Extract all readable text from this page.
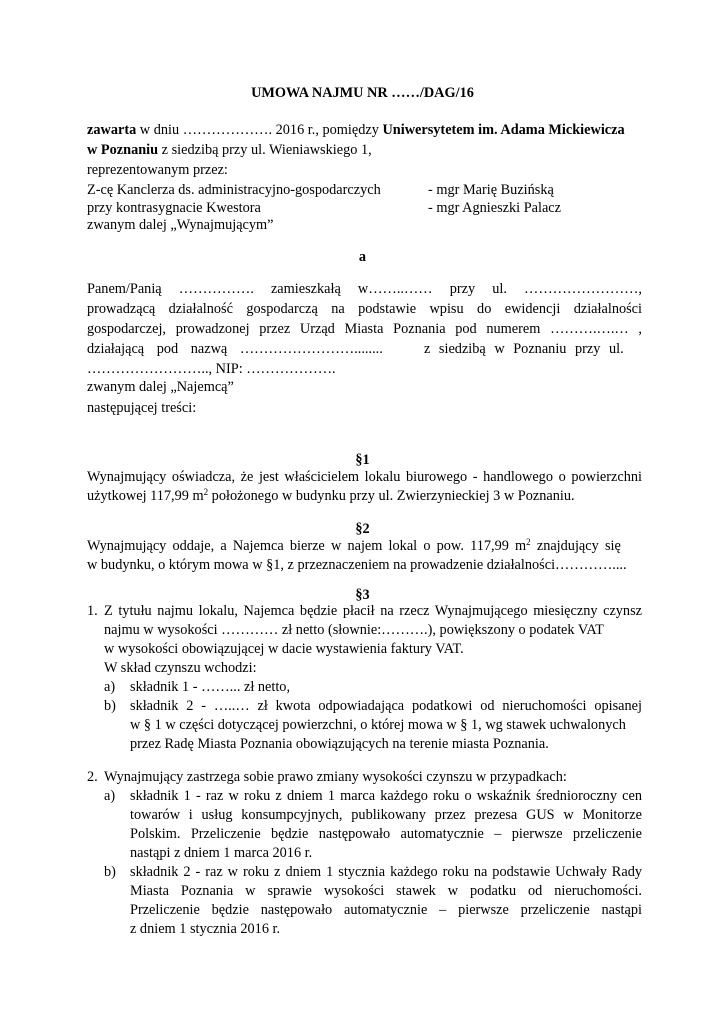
UMOWA NAJMU NR ……/DAG/16
zawarta w dniu ………………. 2016 r., pomiędzy Uniwersytetem im. Adama Mickiewicza
w Poznaniu z siedzibą przy ul. Wieniawskiego 1,
reprezentowanym przez:
Z-cę Kanclerza ds. administracyjno-gospodarczych	- mgr Marię Buzińską
przy kontrasygnacie Kwestora	- mgr Agnieszki Palacz
zwanym dalej „Wynajmującym”
a
Panem/Panią ……………. zamieszkałą w……..…… przy ul. ……………………,
prowadzącą działalność gospodarczą na podstawie wpisu do ewidencji działalności
gospodarczej, prowadzonej przez Urząd Miasta Poznania pod numerem ……….….… ,
działającą pod nazwą ……………………........	z siedzibą w Poznaniu przy ul.
…………………….., NIP: ……………….
zwanym dalej „Najemcą”
następującej treści:
§1
Wynajmujący oświadcza, że jest właścicielem lokalu biurowego - handlowego o powierzchni
użytkowej 117,99 $m^2$ położonego w budynku przy ul. Zwierzynieckiej 3 w Poznaniu.
§2
Wynajmujący oddaje, a Najemca bierze w najem lokal o pow. 117,99 $m^2$ znajdujący się
w budynku, o którym mowa w §1, z przeznaczeniem na prowadzenie działalności…………....
§3
1. Z tytułu najmu lokalu, Najemca będzie płacił na rzecz Wynajmującego miesięczny czynsz
najmu w wysokości ………… zł netto (słownie:……….), powiększony o podatek VAT
w wysokości obowiązującej w dacie wystawienia faktury VAT.
W skład czynszu wchodzi:
a) składnik 1 - ……... zł netto,
b) składnik 2 - …..… zł kwota odpowiadająca podatkowi od nieruchomości opisanej
w § 1 w części dotyczącej powierzchni, o której mowa w § 1, wg stawek uchwalonych
przez Radę Miasta Poznania obowiązujących na terenie miasta Poznania.
2. Wynajmujący zastrzega sobie prawo zmiany wysokości czynszu w przypadkach:
a) składnik 1 - raz w roku z dniem 1 marca każdego roku o wskaźnik średnioroczny cen
towarów i usług konsumpcyjnych, publikowany przez prezesa GUS w Monitorze
Polskim. Przeliczenie będzie następowało automatycznie – pierwsze przeliczenie
nastąpi z dniem 1 marca 2016 r.
b) składnik 2 - raz w roku z dniem 1 stycznia każdego roku na podstawie Uchwały Rady
Miasta Poznania w sprawie wysokości stawek w podatku od nieruchomości.
Przeliczenie będzie następowało automatycznie – pierwsze przeliczenie nastąpi
z dniem 1 stycznia 2016 r.
